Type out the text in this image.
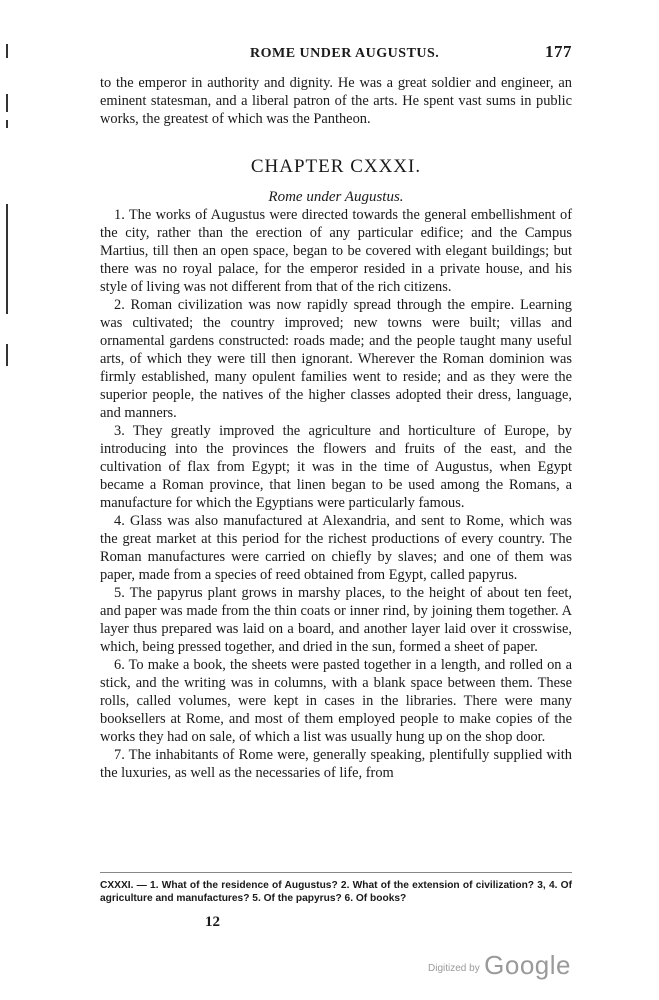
ROME UNDER AUGUSTUS.	177

to the emperor in authority and dignity. He was a great soldier and engineer, an eminent statesman, and a liberal patron of the arts. He spent vast sums in public works, the greatest of which was the Pantheon.

CHAPTER CXXXI.

Rome under Augustus.

1. The works of Augustus were directed towards the general embellishment of the city, rather than the erection of any particular edifice; and the Campus Martius, till then an open space, began to be covered with elegant buildings; but there was no royal palace, for the emperor resided in a private house, and his style of living was not different from that of the rich citizens.

2. Roman civilization was now rapidly spread through the empire. Learning was cultivated; the country improved; new towns were built; villas and ornamental gardens constructed: roads made; and the people taught many useful arts, of which they were till then ignorant. Wherever the Roman dominion was firmly established, many opulent families went to reside; and as they were the superior people, the natives of the higher classes adopted their dress, language, and manners.

3. They greatly improved the agriculture and horticulture of Europe, by introducing into the provinces the flowers and fruits of the east, and the cultivation of flax from Egypt; it was in the time of Augustus, when Egypt became a Roman province, that linen began to be used among the Romans, a manufacture for which the Egyptians were particularly famous.

4. Glass was also manufactured at Alexandria, and sent to Rome, which was the great market at this period for the richest productions of every country. The Roman manufactures were carried on chiefly by slaves; and one of them was paper, made from a species of reed obtained from Egypt, called papyrus.

5. The papyrus plant grows in marshy places, to the height of about ten feet, and paper was made from the thin coats or inner rind, by joining them together. A layer thus prepared was laid on a board, and another layer laid over it crosswise, which, being pressed together, and dried in the sun, formed a sheet of paper.

6. To make a book, the sheets were pasted together in a length, and rolled on a stick, and the writing was in columns, with a blank space between them. These rolls, called volumes, were kept in cases in the libraries. There were many booksellers at Rome, and most of them employed people to make copies of the works they had on sale, of which a list was usually hung up on the shop door.

7. The inhabitants of Rome were, generally speaking, plentifully supplied with the luxuries, as well as the necessaries of life, from

CXXXI. — 1. What of the residence of Augustus? 2. What of the extension of civilization? 3, 4. Of agriculture and manufactures? 5. Of the papyrus? 6. Of books?
12
Digitized by Google
